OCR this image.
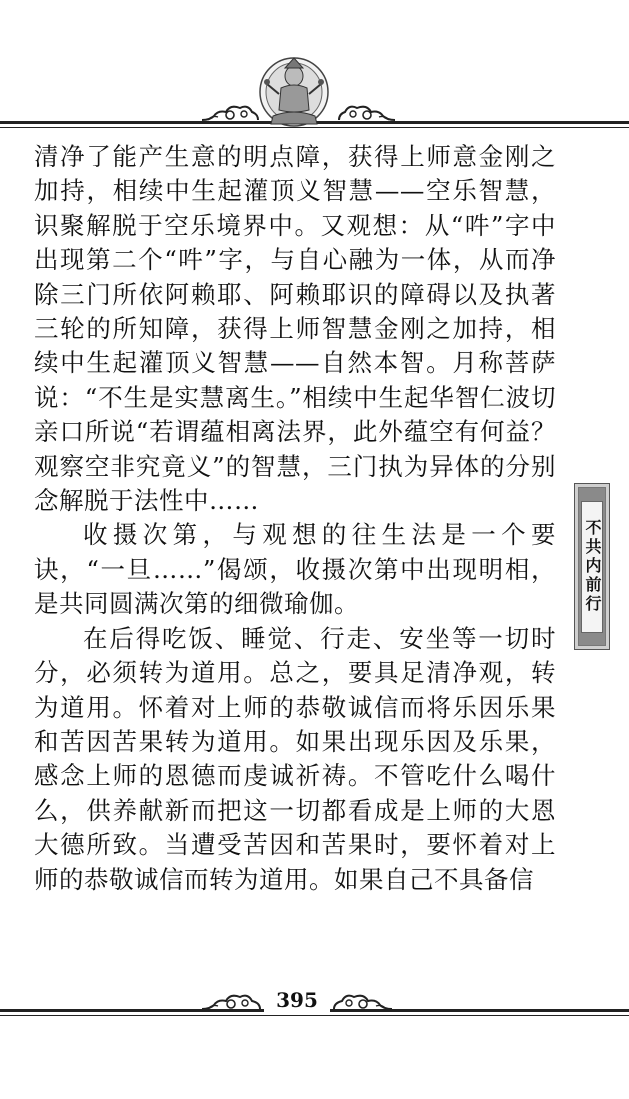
清净了能产生意的明点障，获得上师意金刚之加持，相续中生起灌顶义智慧——空乐智慧，识聚解脱于空乐境界中。又观想：从“吽”字中出现第二个“吽”字，与自心融为一体，从而净除三门所依阿赖耶、阿赖耶识的障碍以及执著三轮的所知障，获得上师智慧金刚之加持，相续中生起灌顶义智慧——自然本智。月称菩萨说：“不生是实慧离生。”相续中生起华智仁波切亲口所说“若谓蕴相离法界，此外蕴空有何益？观察空非究竟义”的智慧，三门执为异体的分别念解脱于法性中……

收摄次第，与观想的往生法是一个要诀，“一旦……”偈颂，收摄次第中出现明相，是共同圆满次第的细微瑜伽。

在后得吃饭、睡觉、行走、安坐等一切时分，必须转为道用。总之，要具足清净观，转为道用。怀着对上师的恭敬诚信而将乐因乐果和苦因苦果转为道用。如果出现乐因及乐果，感念上师的恩德而虔诚祈祷。不管吃什么喝什么，供养献新而把这一切都看成是上师的大恩大德所致。当遭受苦因和苦果时，要怀着对上师的恭敬诚信而转为道用。如果自己不具备信

不共内前行
395
